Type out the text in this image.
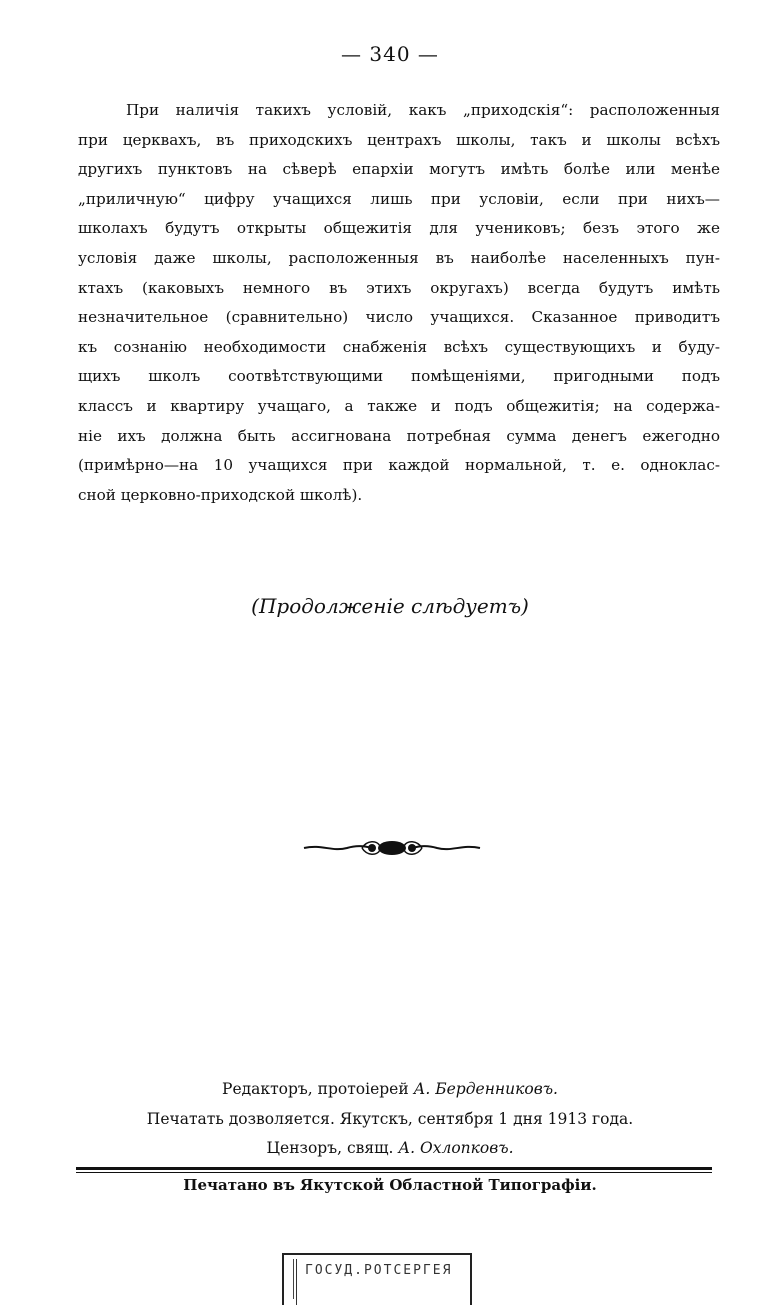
— 340 —
При наличія такихъ условій, какъ „приходскія“: расположенныя
при церквахъ, въ приходскихъ центрахъ школы, такъ и школы всѣхъ
другихъ пунктовъ на сѣверѣ епархіи могутъ имѣть болѣе или менѣе
„приличную“ цифру учащихся лишь при условіи, если при нихъ—
школахъ будутъ открыты общежитія для учениковъ; безъ этого же
условія даже школы, расположенныя въ наиболѣе населенныхъ пун-
ктахъ (каковыхъ немного въ этихъ округахъ) всегда будутъ имѣть
незначительное (сравнительно) число учащихся. Сказанное приводитъ
къ сознанію необходимости снабженія всѣхъ существующихъ и буду-
щихъ школъ соотвѣтствующими помѣщеніями, пригодными подъ
классъ и квартиру учащаго, а также и подъ общежитія; на содержа-
ніе ихъ должна быть ассигнована потребная сумма денегъ ежегодно
(примѣрно—на 10 учащихся при каждой нормальной, т. е. одноклас-
сной церковно-приходской школѣ).
(Продолженіе слѣдуетъ)
Редакторъ, протоіерей А. Берденниковъ.
Печатать дозволяется. Якутскъ, сентября 1 дня 1913 года.
Цензоръ, свящ. А. Охлопковъ.
Печатано въ Якутской Областной Типографіи.
ГОСУД.РОТСЕРГЕЯ
